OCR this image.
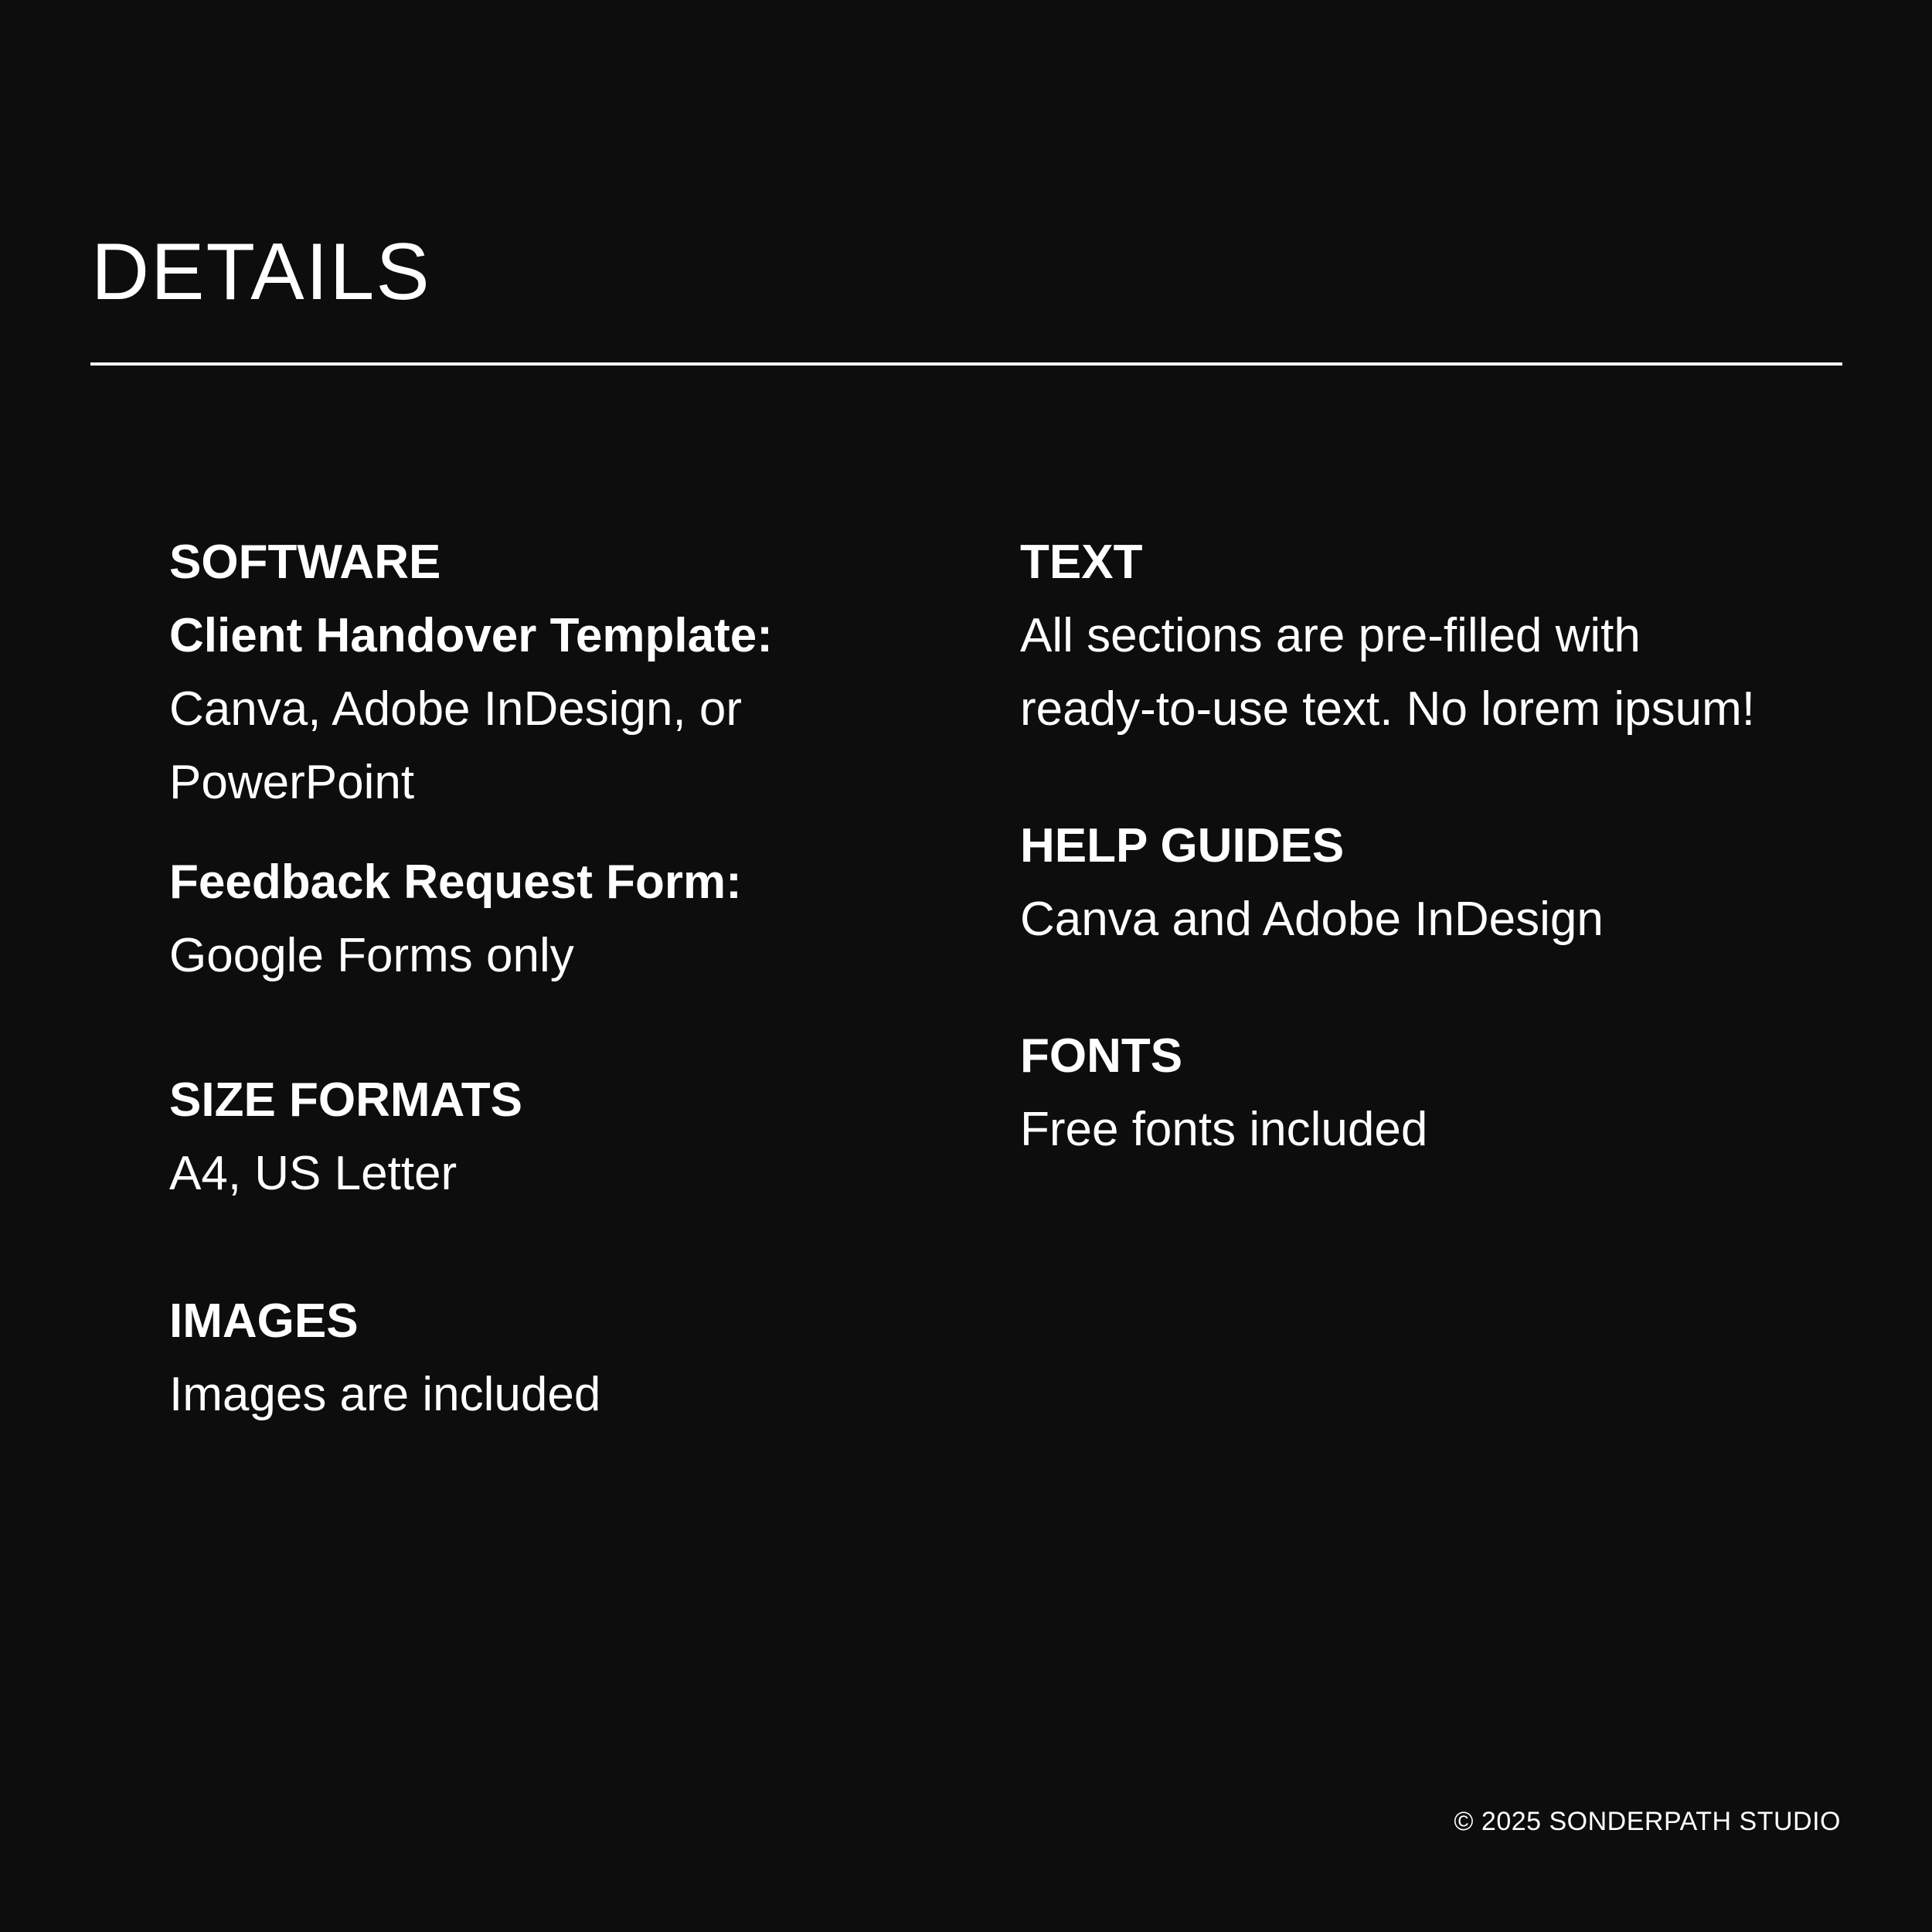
DETAILS

SOFTWARE

Client Handover Template:

Canva, Adobe InDesign, or

PowerPoint

Feedback Request Form:

Google Forms only

SIZE FORMATS

A4, US Letter

IMAGES

Images are included

TEXT

All sections are pre-filled with

ready-to-use text. No lorem ipsum!

HELP GUIDES

Canva and Adobe InDesign

FONTS

Free fonts included

© 2025 SONDERPATH STUDIO
